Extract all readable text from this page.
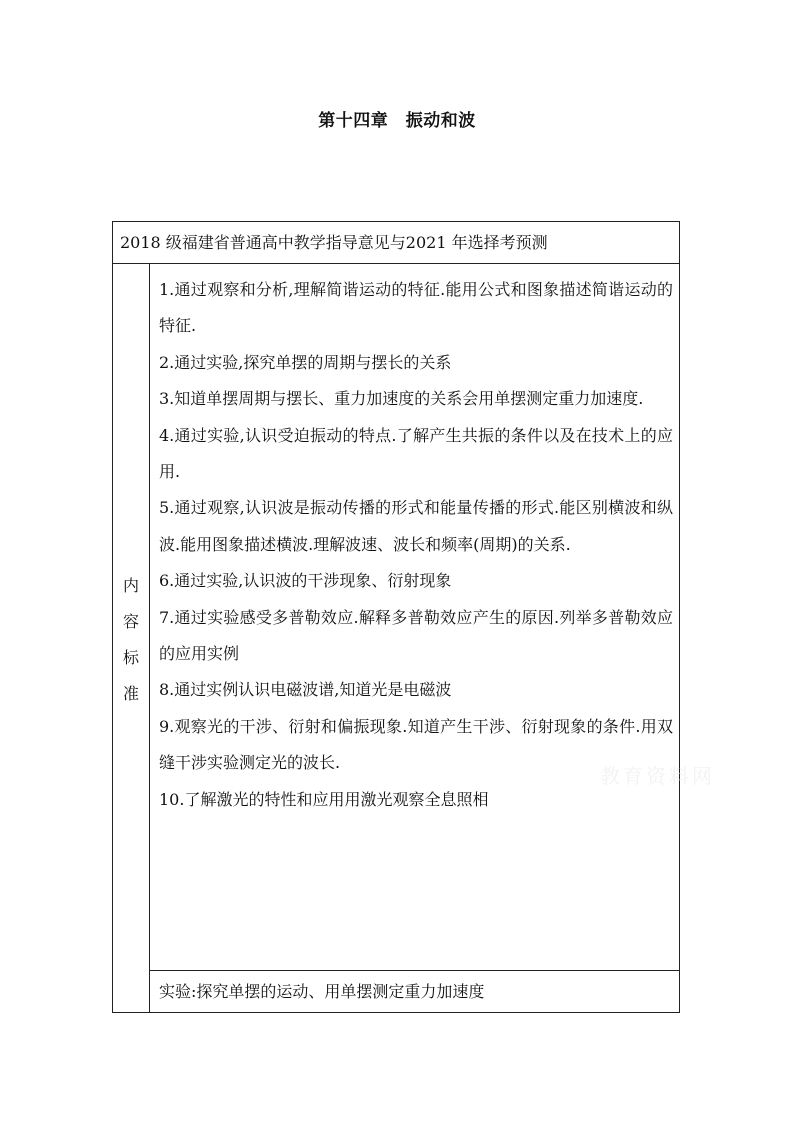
第十四章　振动和波
2018 级福建省普通高中教学指导意见与2021 年选择考预测
内
容
标
准

1.通过观察和分析,理解简谐运动的特征.能用公式和图象描述简谐运动的特征.

2.通过实验,探究单摆的周期与摆长的关系

3.知道单摆周期与摆长、重力加速度的关系会用单摆测定重力加速度.

4.通过实验,认识受迫振动的特点.了解产生共振的条件以及在技术上的应用.

5.通过观察,认识波是振动传播的形式和能量传播的形式.能区别横波和纵波.能用图象描述横波.理解波速、波长和频率(周期)的关系.

6.通过实验,认识波的干涉现象、衍射现象

7.通过实验感受多普勒效应.解释多普勒效应产生的原因.列举多普勒效应的应用实例

8.通过实例认识电磁波谱,知道光是电磁波

9.观察光的干涉、衍射和偏振现象.知道产生干涉、衍射现象的条件.用双缝干涉实验测定光的波长.

10.了解激光的特性和应用用激光观察全息照相

实验:探究单摆的运动、用单摆测定重力加速度
教育资料网
